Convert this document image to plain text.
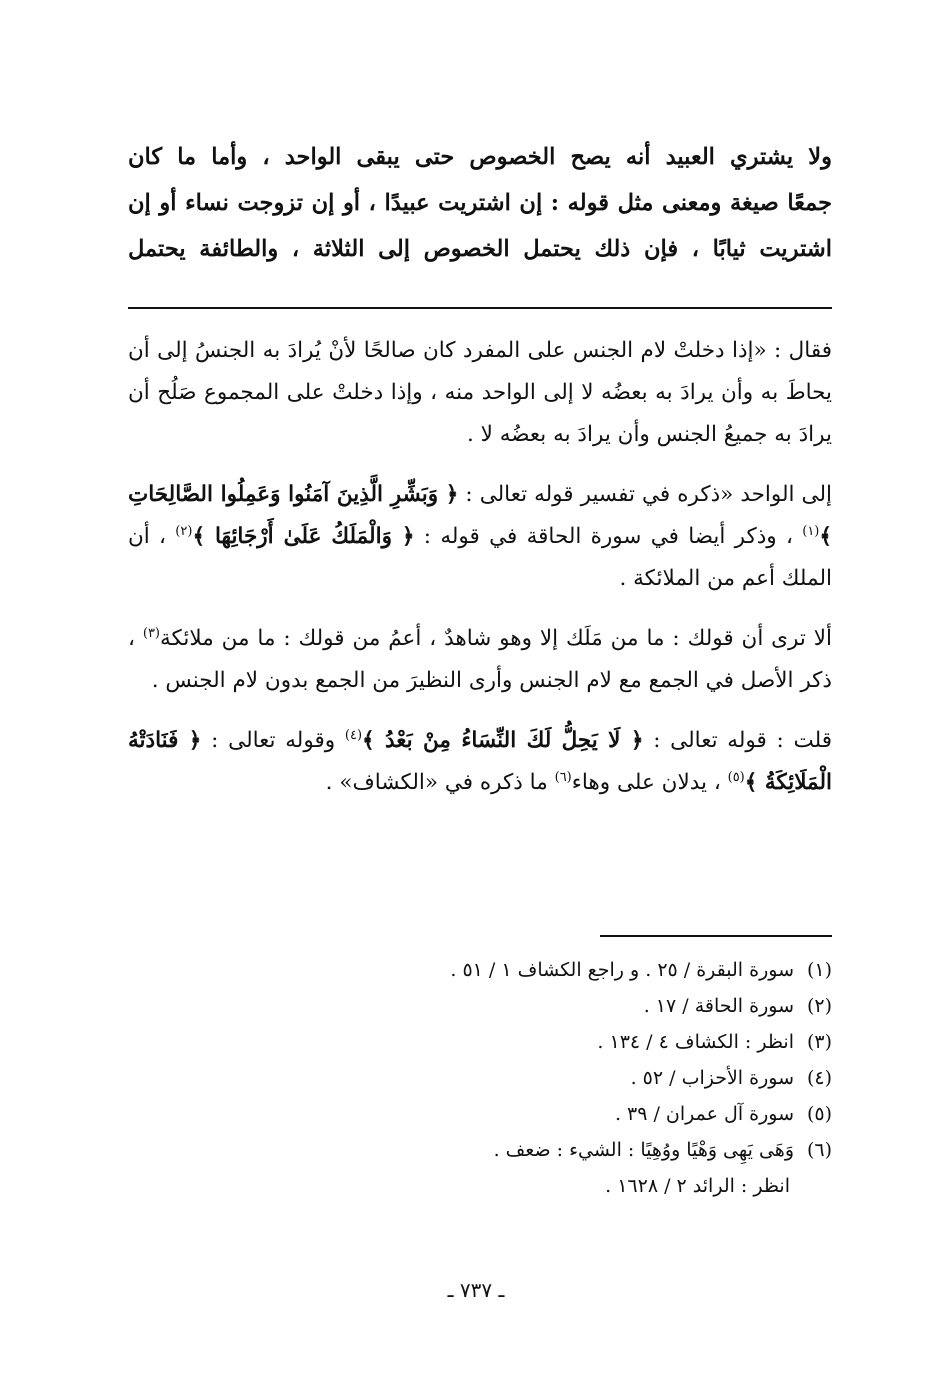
ولا يشتري العبيد أنه يصح الخصوص حتى يبقى الواحد ، وأما ما كان

جمعًا صيغة ومعنى مثل قوله : إن اشتريت عبيدًا ، أو إن تزوجت نساء أو إن

اشتريت ثيابًا ، فإن ذلك يحتمل الخصوص إلى الثلاثة ، والطائفة يحتمل

فقال : «إذا دخلتْ لام الجنس على المفرد كان صالحًا لأنْ يُرادَ به الجنسُ إلى أن يحاطَ به وأن يرادَ به بعضُه لا إلى الواحد منه ، وإذا دخلتْ على المجموع صَلُح أن يرادَ به جميعُ الجنس وأن يرادَ به بعضُه لا .

إلى الواحد «ذكره في تفسير قوله تعالى : ﴿ وَبَشِّرِ الَّذِينَ آمَنُوا وَعَمِلُوا الصَّالِحَاتِ ﴾$^{(١)}$ ، وذكر أيضا في سورة الحاقة في قوله : ﴿ وَالْمَلَكُ عَلَىٰ أَرْجَائِهَا ﴾$^{(٢)}$ ، أن الملك أعم من الملائكة .

ألا ترى أن قولك : ما من مَلَك إلا وهو شاهدٌ ، أعمُ من قولك : ما من ملائكة$^{(٣)}$ ، ذكر الأصل في الجمع مع لام الجنس وأرى النظيرَ من الجمع بدون لام الجنس .

قلت : قوله تعالى : ﴿ لَا يَحِلُّ لَكَ النِّسَاءُ مِنْ بَعْدُ ﴾$^{(٤)}$ وقوله تعالى : ﴿ فَنَادَتْهُ الْمَلَائِكَةُ ﴾$^{(٥)}$ ، يدلان على وهاء$^{(٦)}$ ما ذكره في «الكشاف» .

(١)سورة البقرة / ٢٥ . و راجع الكشاف ١ / ٥١ .

(٢)سورة الحاقة / ١٧ .

(٣)انظر : الكشاف ٤ / ١٣٤ .

(٤)سورة الأحزاب / ٥٢ .

(٥)سورة آل عمران / ٣٩ .

(٦)وَهَى يَهِى وَهْيًا ووُهِيًا : الشيء : ضعف .

انظر : الرائد ٢ / ١٦٢٨ .

ـ ٧٣٧ ـ
